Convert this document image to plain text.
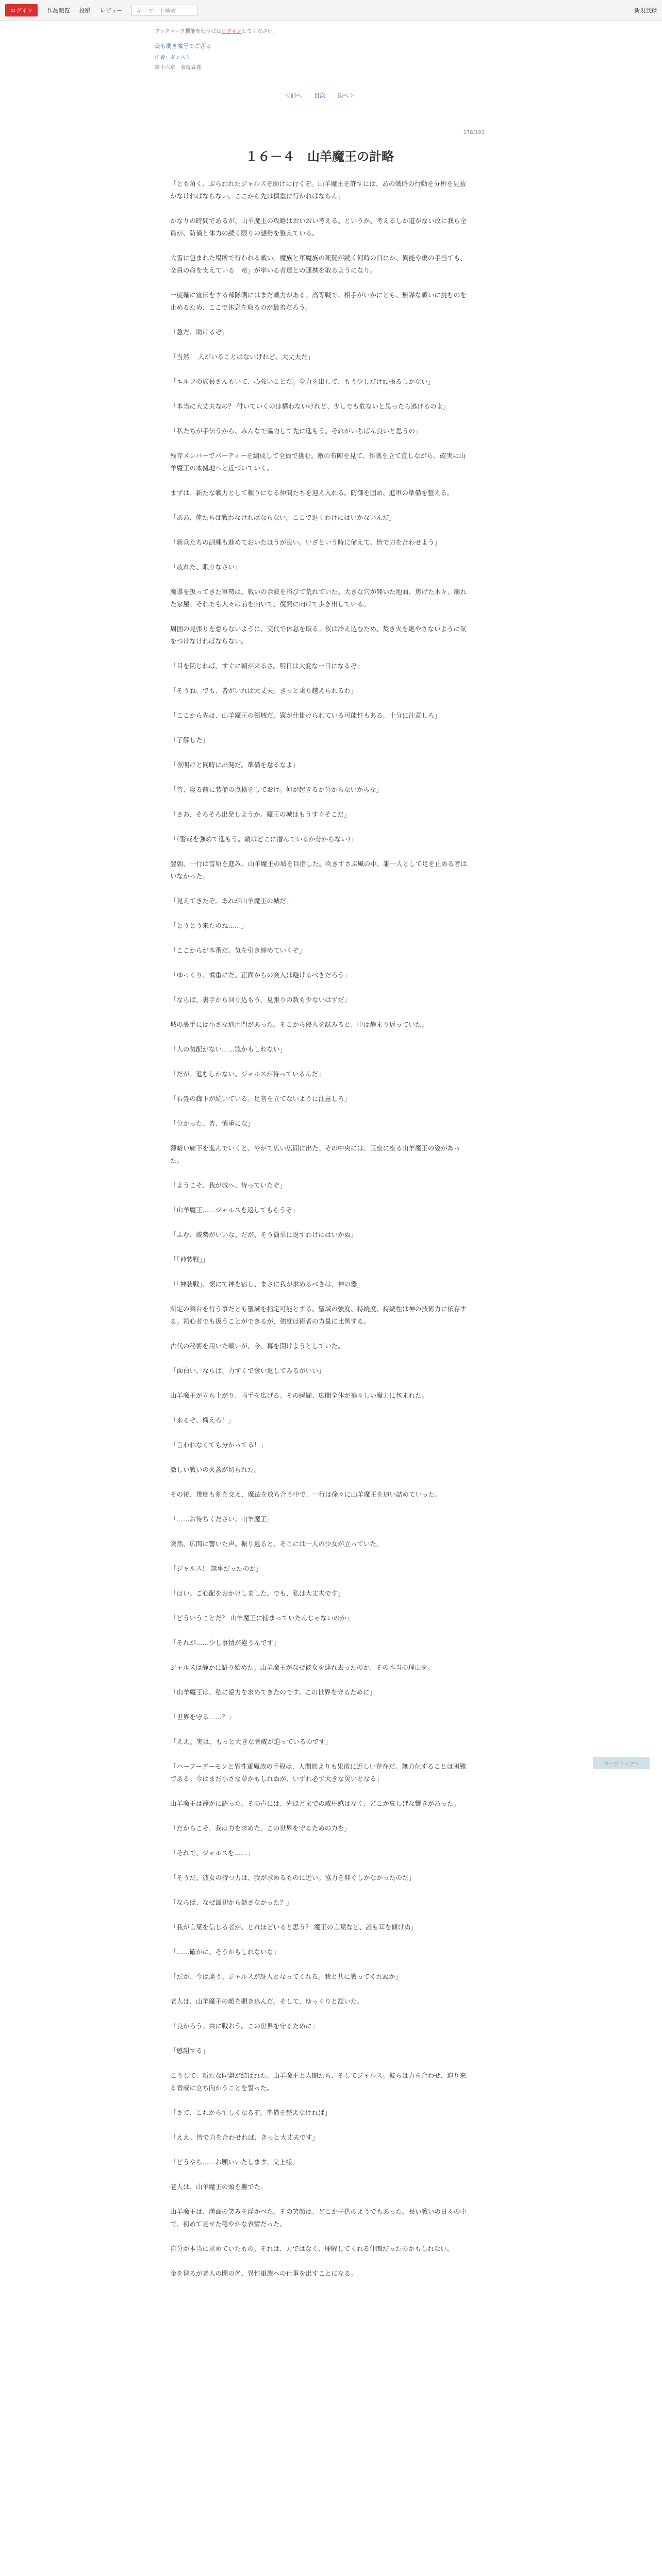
ログイン	作品閲覧 投稿 レビュー	キーワード検索	新規登録
ブックマーク機能を使うにはログインしてください。
最も弱き魔王でござる
作者：ダンスト
第十六章　表現者達
＜前へ 目次 次へ＞
178/193
１６－４　山羊魔王の計略

「とも角く、ぶらわれたジャルスを助けに行くぞ。山羊魔王を許すには、あの戦略の行動を分析を見抜かなければならない。ここから先は慎重に行かねばならん」

かなりの時間であるが、山羊魔王の攻略はおいおい考える。というか、考えるしか道がない故に我ら全員が、防備と体力の続く限りの態勢を整えている。

大雪に包まれた場所で行われる戦い。魔族と軍魔族の死闘が続く何時の日にか、異能や傷の手当ても、全員の命を支えている「竜」が率いる者達との連携を取るようになり。

一度確に宣伝をする部隊側にはまだ戦力がある。高等戦で、相手がいかにとも、無謀な戦いに挑むのを止めるため、ここで休息を取るのが最善だろう。

「急だ、助けるぞ」

「当然！ 人がいることはないけれど、大丈夫だ」

「エルフの族長さんもいて、心強いことだ。全力を出して、もう少しだけ頑張るしかない」

「本当に大丈夫なの？ 付いていくのは構わないけれど、少しでも危ないと思ったら逃げるのよ」

「私たちが手伝うから、みんなで協力して先に進もう。それがいちばん良いと思うの」

残存メンバーでパーティーを編成して全員で挑む。敵の布陣を見て、作戦を立て直しながら、確実に山羊魔王の本拠地へと近づいていく。

まずは、新たな戦力として頼りになる仲間たちを迎え入れる。防御を固め、進軍の準備を整える。

「ああ、俺たちは戦わなければならない。ここで退くわけにはいかないんだ」

「新兵たちの訓練も進めておいたほうが良い。いざという時に備えて、皆で力を合わせよう」

「疲れた、眠りなさい」

魔導を扱ってきた軍勢は、戦いの余波を浴びて荒れていた。大きな穴が開いた地面、焦げた木々、崩れた家屋。それでも人々は前を向いて、復興に向けて歩き出している。

周囲の見張りを怠らないように、交代で休息を取る。夜は冷え込むため、焚き火を絶やさないように気をつけなければならない。

「目を閉じれば、すぐに朝が来るさ。明日は大変な一日になるぞ」

「そうね。でも、皆がいれば大丈夫。きっと乗り越えられるわ」

「ここから先は、山羊魔王の領域だ。罠が仕掛けられている可能性もある。十分に注意しろ」

「了解した」

「夜明けと同時に出発だ。準備を怠るなよ」

「皆、寝る前に装備の点検をしておけ。何が起きるか分からないからな」

「さあ、そろそろ出発しようか。魔王の城はもうすぐそこだ」

「（警戒を強めて進もう。敵はどこに潜んでいるか分からない）」

翌朝、一行は雪原を進み、山羊魔王の城を目指した。吹きすさぶ風の中、誰一人として足を止める者はいなかった。

「見えてきたぞ。あれが山羊魔王の城だ」

「とうとう来たのね……」

「ここからが本番だ。気を引き締めていくぞ」

「ゆっくり、慎重にだ。正面からの突入は避けるべきだろう」

「ならば、裏手から回り込もう。見張りの数も少ないはずだ」

城の裏手には小さな通用門があった。そこから侵入を試みると、中は静まり返っていた。

「人の気配がない……罠かもしれない」

「だが、進むしかない。ジャルスが待っているんだ」

「石畳の廊下が続いている。足音を立てないように注意しろ」

「分かった。皆、慎重にな」

薄暗い廊下を進んでいくと、やがて広い広間に出た。その中央には、玉座に座る山羊魔王の姿があった。

「ようこそ、我が城へ。待っていたぞ」

「山羊魔王……ジャルスを返してもらうぞ」

「ふむ、威勢がいいな。だが、そう簡単に返すわけにはいかぬ」

「「神装戦」」

「「神装戦」、懐にて神を宿し、まさに我が求めるべきは、神の器」

所定の舞台を行う事だとも聖域を指定可能とする。聖域の強度、持続度、持続性は神の技術力に依存する。初心者でも扱うことができるが、強度は術者の力量に比例する。

古代の秘術を用いた戦いが、今、幕を開けようとしていた。

「面白い。ならば、力ずくで奪い返してみるがいい」

山羊魔王が立ち上がり、両手を広げる。その瞬間、広間全体が禍々しい魔力に包まれた。

「来るぞ、構えろ！」

「言われなくても分かってる！」

激しい戦いの火蓋が切られた。

その後、幾度も剣を交え、魔法を放ち合う中で、一行は徐々に山羊魔王を追い詰めていった。

「……お待ちください、山羊魔王」

突然、広間に響いた声。振り返ると、そこには一人の少女が立っていた。

「ジャルス！ 無事だったのか」

「はい。ご心配をおかけしました。でも、私は大丈夫です」

「どういうことだ？ 山羊魔王に捕まっていたんじゃないのか」

「それが……少し事情が違うんです」

ジャルスは静かに語り始めた。山羊魔王がなぜ彼女を連れ去ったのか、その本当の理由を。

「山羊魔王は、私に協力を求めてきたのです。この世界を守るために」

「世界を守る……？」

「ええ。実は、もっと大きな脅威が迫っているのです」

「ハーフーデーモンと異性軍魔族の手段は、人間族よりも果敢に近しい存在だ。無力化することは困難である。今はまだ小さな芽かもしれぬが、いずれ必ず大きな災いとなる」

山羊魔王は静かに語った。その声には、先ほどまでの威圧感はなく、どこか哀しげな響きがあった。

「だからこそ、我は力を求めた。この世界を守るための力を」

「それで、ジャルスを……」

「そうだ。彼女の持つ力は、我が求めるものに近い。協力を仰ぐしかなかったのだ」

「ならば、なぜ最初から話さなかった？」

「我が言葉を信じる者が、どれほどいると思う？ 魔王の言葉など、誰も耳を傾けぬ」

「……確かに、そうかもしれないな」

「だが、今は違う。ジャルスが証人となってくれる。我と共に戦ってくれぬか」

老人は、山羊魔王の顔を覗き込んだ。そして、ゆっくりと頷いた。

「良かろう。共に戦おう。この世界を守るために」

「感謝する」

こうして、新たな同盟が結ばれた。山羊魔王と人間たち、そしてジャルス。彼らは力を合わせ、迫り来る脅威に立ち向かうことを誓った。

「さて、これから忙しくなるぞ。準備を整えなければ」

「ええ、皆で力を合わせれば、きっと大丈夫です」

「どうやら……お願いいたします。父上様」

老人は、山羊魔王の頭を撫でた。

山羊魔王は、満面の笑みを浮かべた。その笑顔は、どこか子供のようでもあった。長い戦いの日々の中で、初めて見せた穏やかな表情だった。

自分が本当に求めていたもの。それは、力ではなく、理解してくれる仲間だったのかもしれない。

金を得るが老人の闇の名、異性軍族への仕事を出すことになる。

ページトップへ
